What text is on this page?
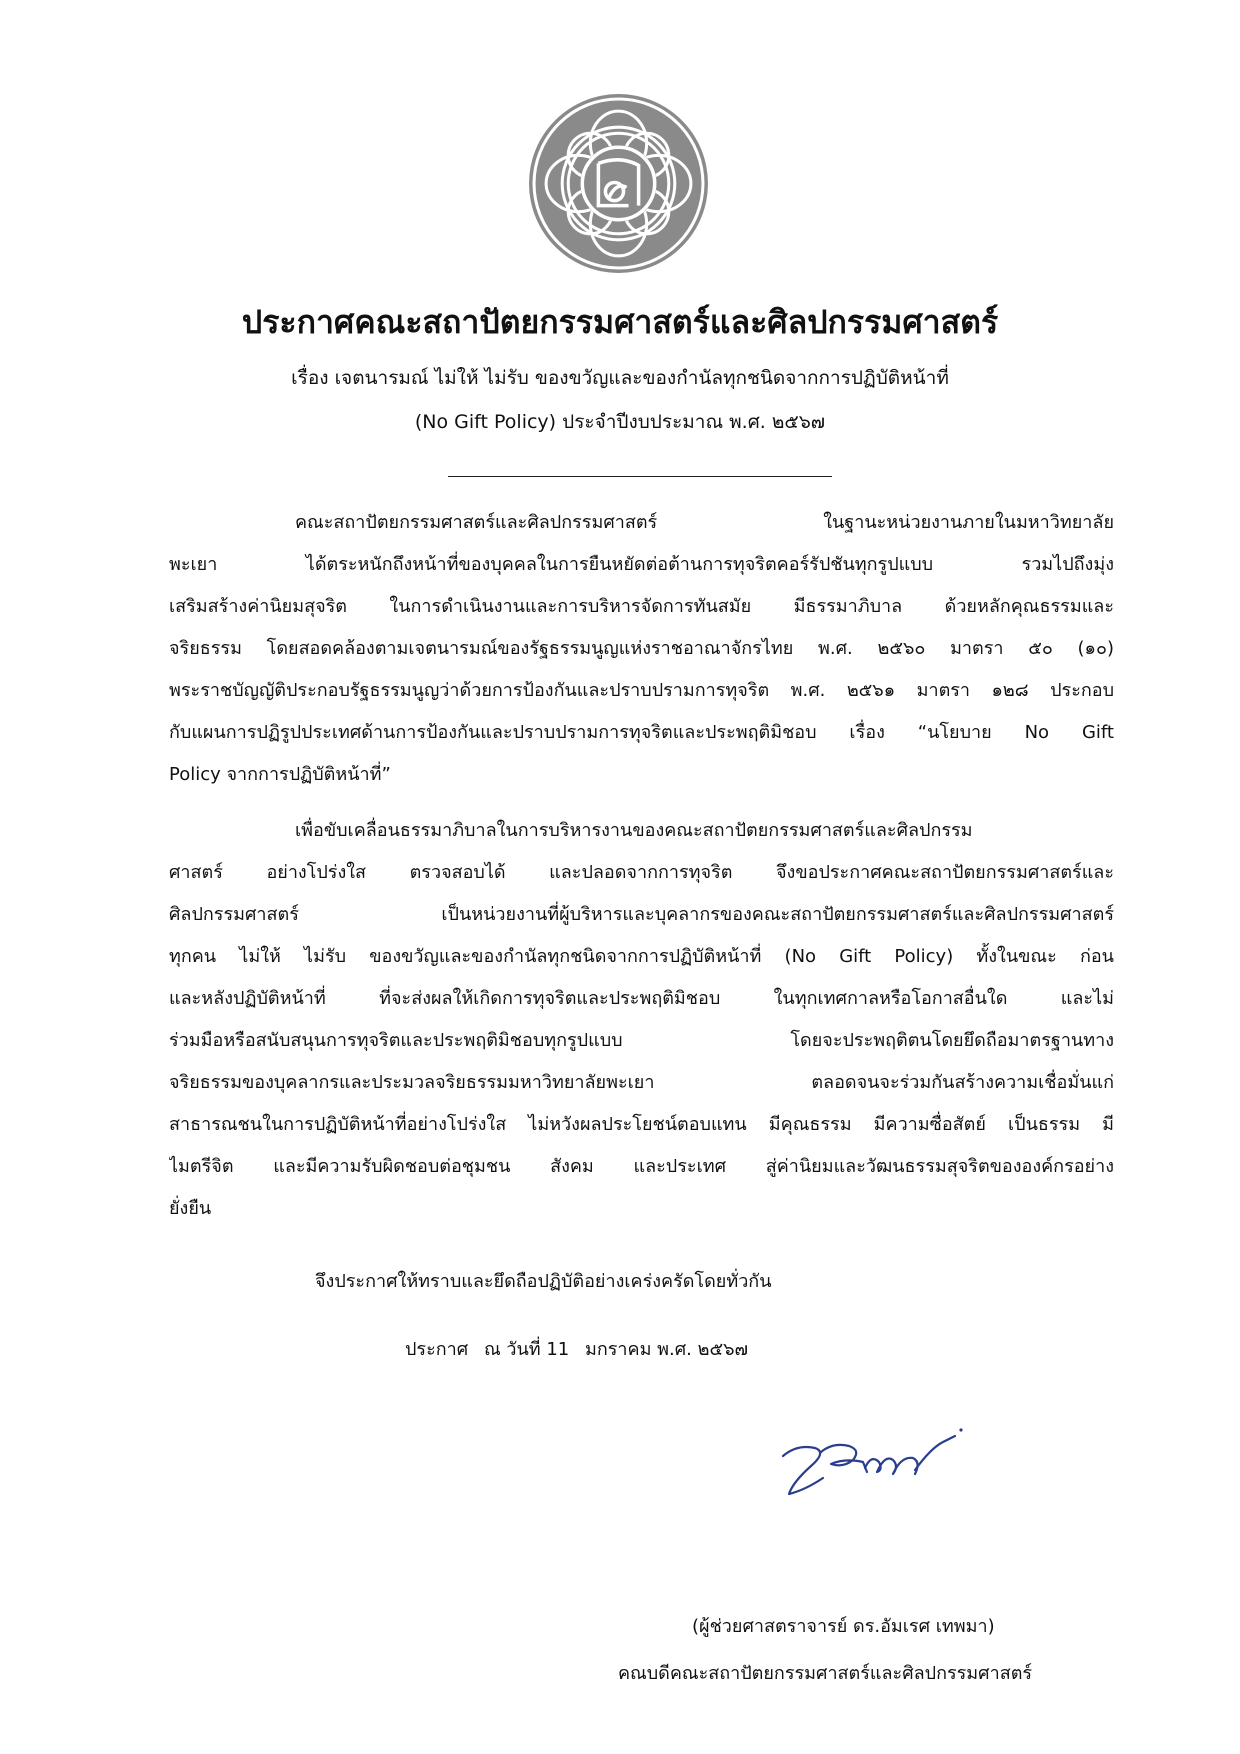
ประกาศคณะสถาปัตยกรรมศาสตร์และศิลปกรรมศาสตร์
เรื่อง เจตนารมณ์ ไม่ให้ ไม่รับ ของขวัญและของกำนัลทุกชนิดจากการปฏิบัติหน้าที่
(No Gift Policy) ประจำปีงบประมาณ พ.ศ. ๒๕๖๗
คณะสถาปัตยกรรมศาสตร์และศิลปกรรมศาสตร์ ในฐานะหน่วยงานภายในมหาวิทยาลัย
พะเยา ได้ตระหนักถึงหน้าที่ของบุคคลในการยืนหยัดต่อต้านการทุจริตคอร์รัปชันทุกรูปแบบ รวมไปถึงมุ่ง
เสริมสร้างค่านิยมสุจริต ในการดำเนินงานและการบริหารจัดการทันสมัย มีธรรมาภิบาล ด้วยหลักคุณธรรมและ
จริยธรรม โดยสอดคล้องตามเจตนารมณ์ของรัฐธรรมนูญแห่งราชอาณาจักรไทย พ.ศ. ๒๕๖๐ มาตรา ๕๐ (๑๐)
พระราชบัญญัติประกอบรัฐธรรมนูญว่าด้วยการป้องกันและปราบปรามการทุจริต พ.ศ. ๒๕๖๑ มาตรา ๑๒๘ ประกอบ
กับแผนการปฏิรูปประเทศด้านการป้องกันและปราบปรามการทุจริตและประพฤติมิชอบ เรื่อง “นโยบาย No Gift
Policy จากการปฏิบัติหน้าที่”
เพื่อขับเคลื่อนธรรมาภิบาลในการบริหารงานของคณะสถาปัตยกรรมศาสตร์และศิลปกรรม
ศาสตร์ อย่างโปร่งใส ตรวจสอบได้ และปลอดจากการทุจริต จึงขอประกาศคณะสถาปัตยกรรมศาสตร์และ
ศิลปกรรมศาสตร์ เป็นหน่วยงานที่ผู้บริหารและบุคลากรของคณะสถาปัตยกรรมศาสตร์และศิลปกรรมศาสตร์
ทุกคน ไม่ให้ ไม่รับ ของขวัญและของกำนัลทุกชนิดจากการปฏิบัติหน้าที่ (No Gift Policy) ทั้งในขณะ ก่อน
และหลังปฏิบัติหน้าที่ ที่จะส่งผลให้เกิดการทุจริตและประพฤติมิชอบ ในทุกเทศกาลหรือโอกาสอื่นใด และไม่
ร่วมมือหรือสนับสนุนการทุจริตและประพฤติมิชอบทุกรูปแบบ โดยจะประพฤติตนโดยยึดถือมาตรฐานทาง
จริยธรรมของบุคลากรและประมวลจริยธรรมมหาวิทยาลัยพะเยา ตลอดจนจะร่วมกันสร้างความเชื่อมั่นแก่
สาธารณชนในการปฏิบัติหน้าที่อย่างโปร่งใส ไม่หวังผลประโยชน์ตอบแทน มีคุณธรรม มีความซื่อสัตย์ เป็นธรรม มี
ไมตรีจิต และมีความรับผิดชอบต่อชุมชน สังคม และประเทศ สู่ค่านิยมและวัฒนธรรมสุจริตขององค์กรอย่าง
ยั่งยืน
จึงประกาศให้ทราบและยึดถือปฏิบัติอย่างเคร่งครัดโดยทั่วกัน
ประกาศ ณ วันที่ 11 มกราคม พ.ศ. ๒๕๖๗
(ผู้ช่วยศาสตราจารย์ ดร.อัมเรศ เทพมา)
คณบดีคณะสถาปัตยกรรมศาสตร์และศิลปกรรมศาสตร์
